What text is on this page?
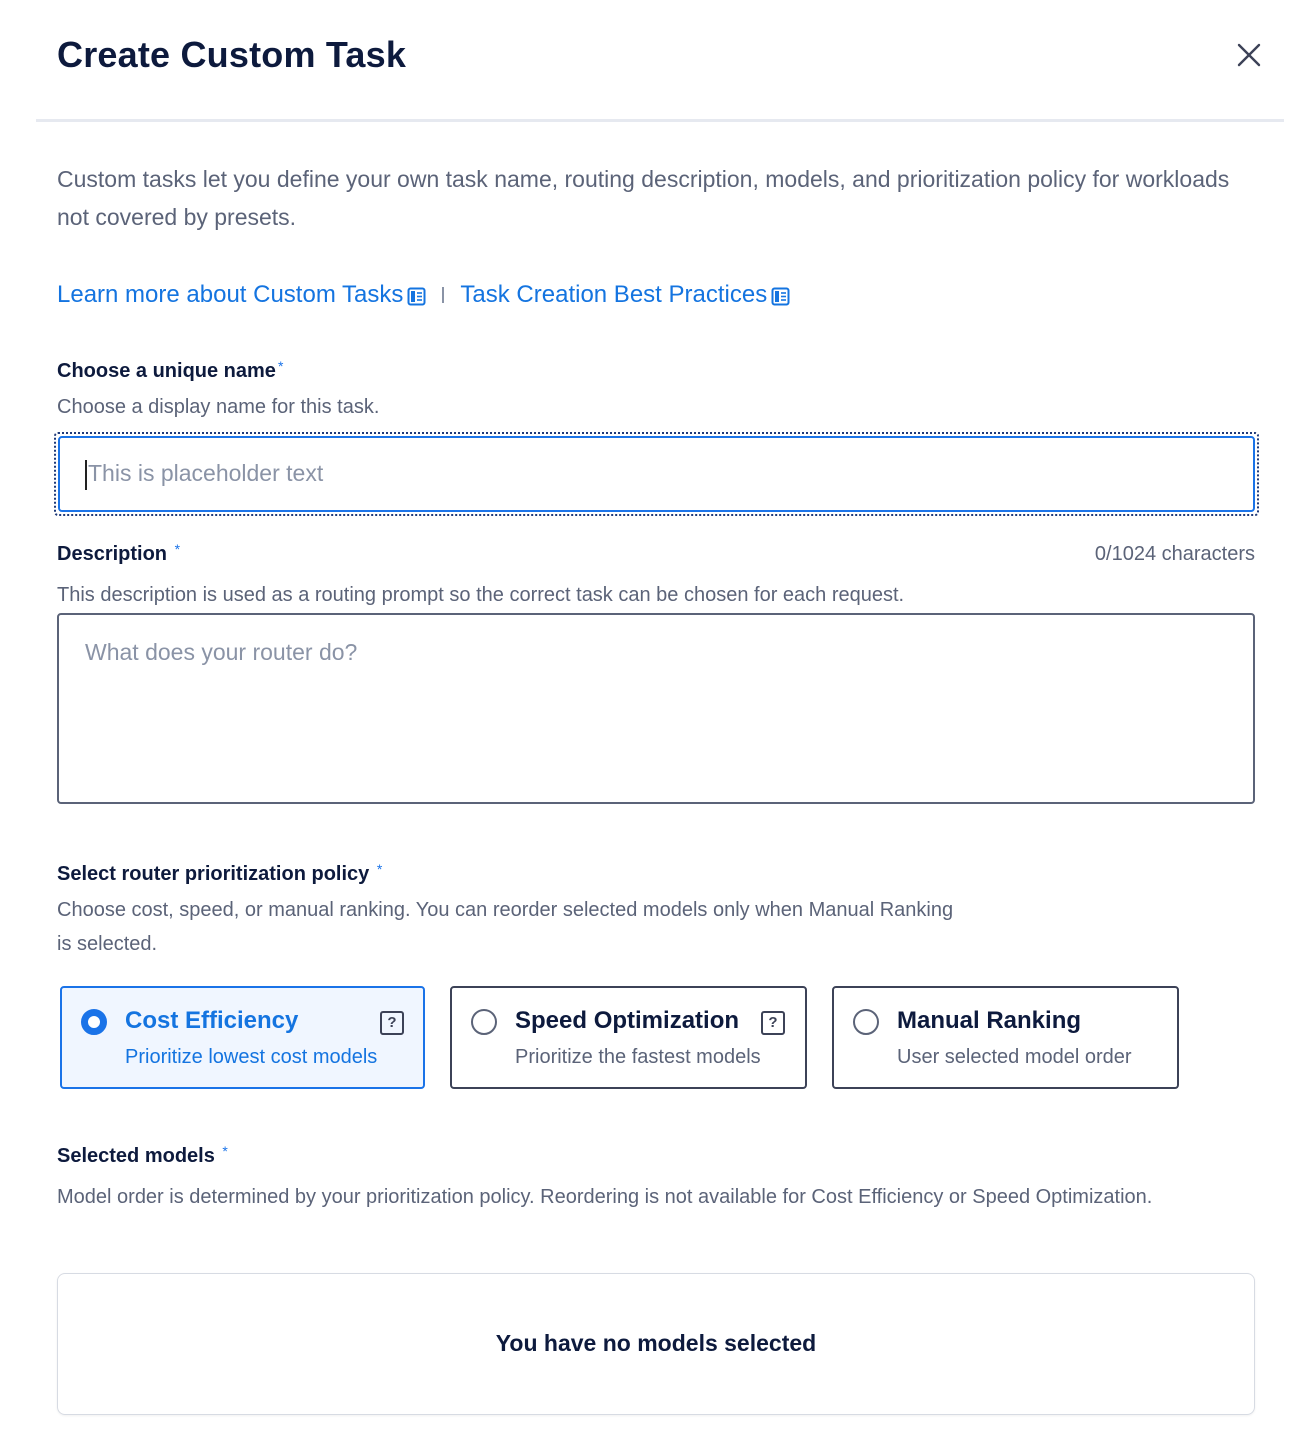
Create Custom Task

Custom tasks let you define your own task name, routing description, models, and prioritization policy for workloads not covered by presets.

Learn more about Custom Tasks Task Creation Best Practices
Choose a unique name *
Choose a display name for this task.
This is placeholder text
Description *	0/1024 characters
This description is used as a routing prompt so the correct task can be chosen for each request.
What does your router do?
Select router prioritization policy *
Choose cost, speed, or manual ranking. You can reorder selected models only when Manual Ranking is selected.
Cost Efficiency	?
Prioritize lowest cost models
Speed Optimization	?
Prioritize the fastest models
Manual Ranking
User selected model order
Selected models *
Model order is determined by your prioritization policy. Reordering is not available for Cost Efficiency or Speed Optimization.
You have no models selected
